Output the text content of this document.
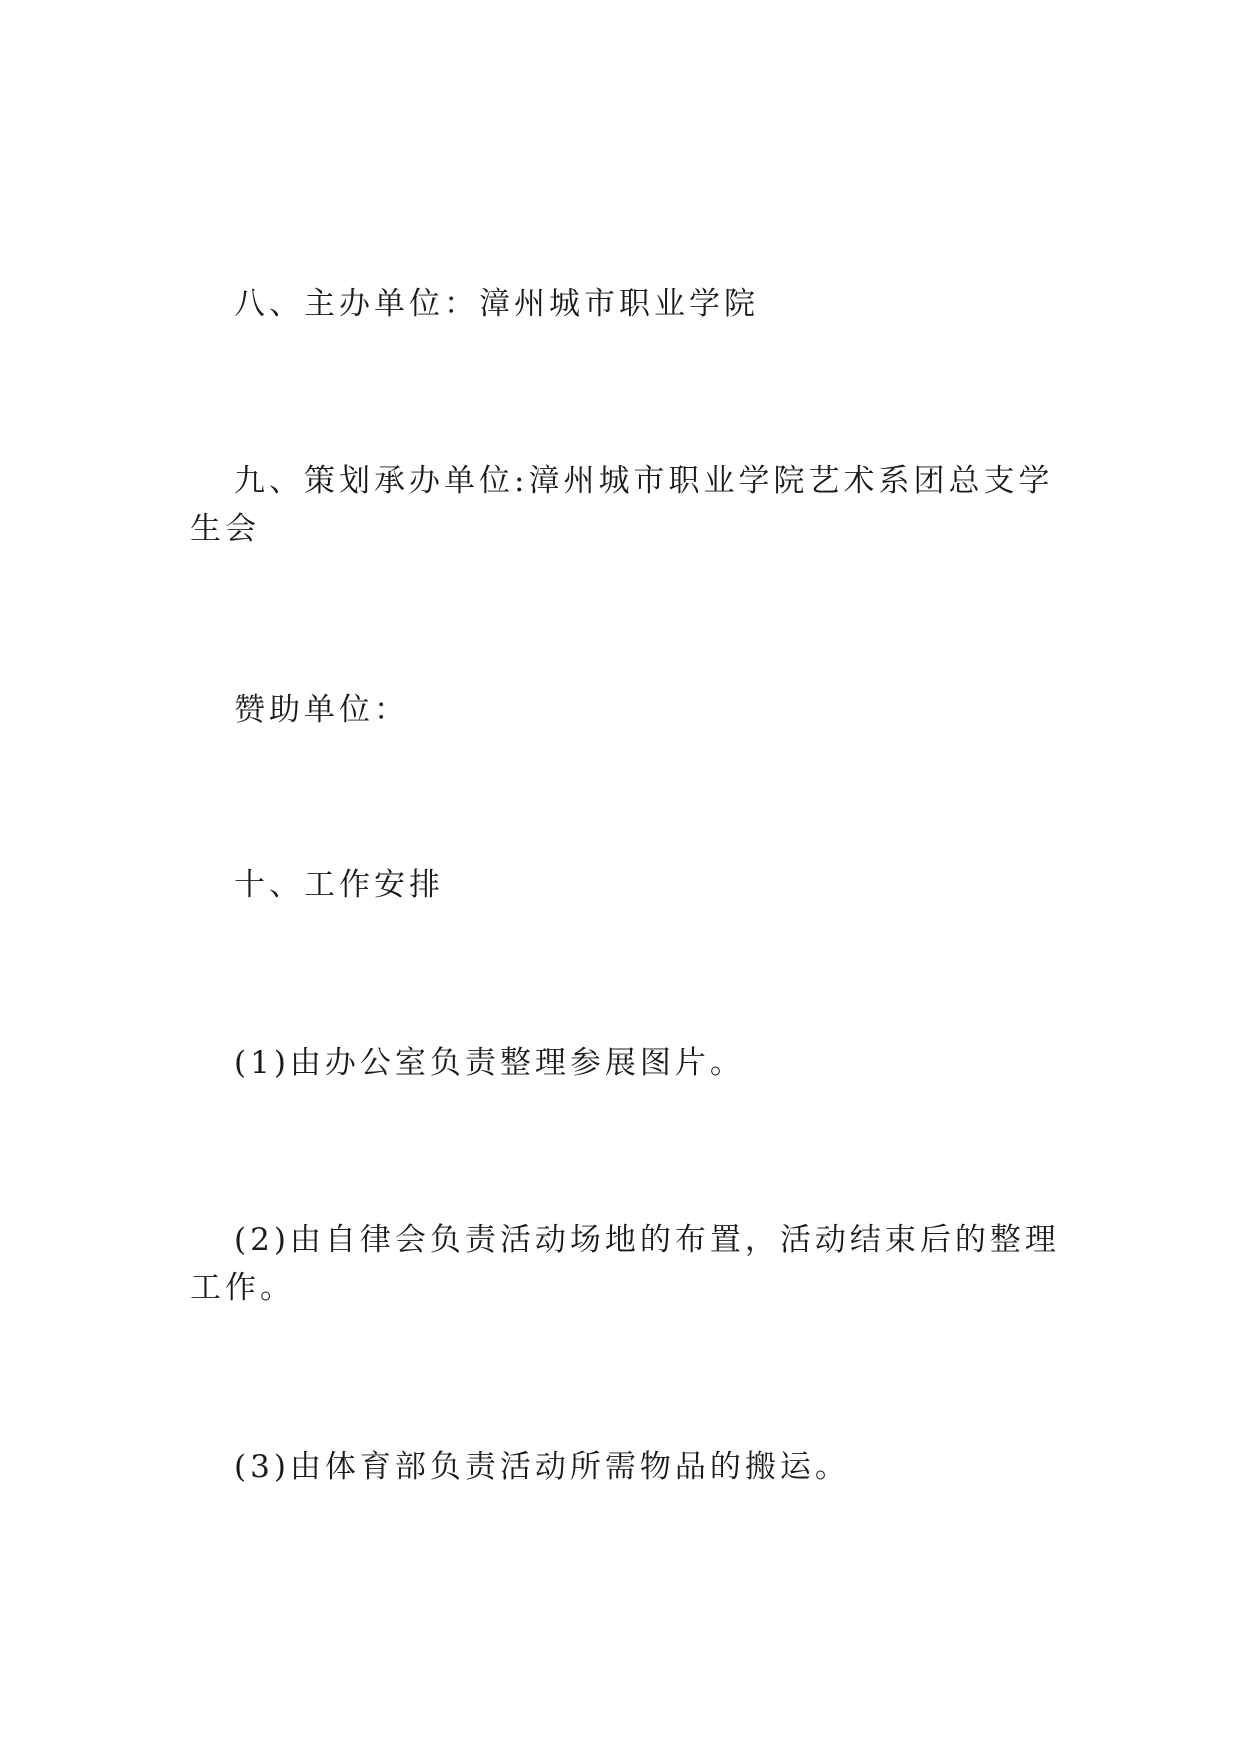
八、主办单位：漳州城市职业学院

九、策划承办单位:漳州城市职业学院艺术系团总支学生会

赞助单位：

十、工作安排

(1)由办公室负责整理参展图片。

(2)由自律会负责活动场地的布置，活动结束后的整理工作。

(3)由体育部负责活动所需物品的搬运。
